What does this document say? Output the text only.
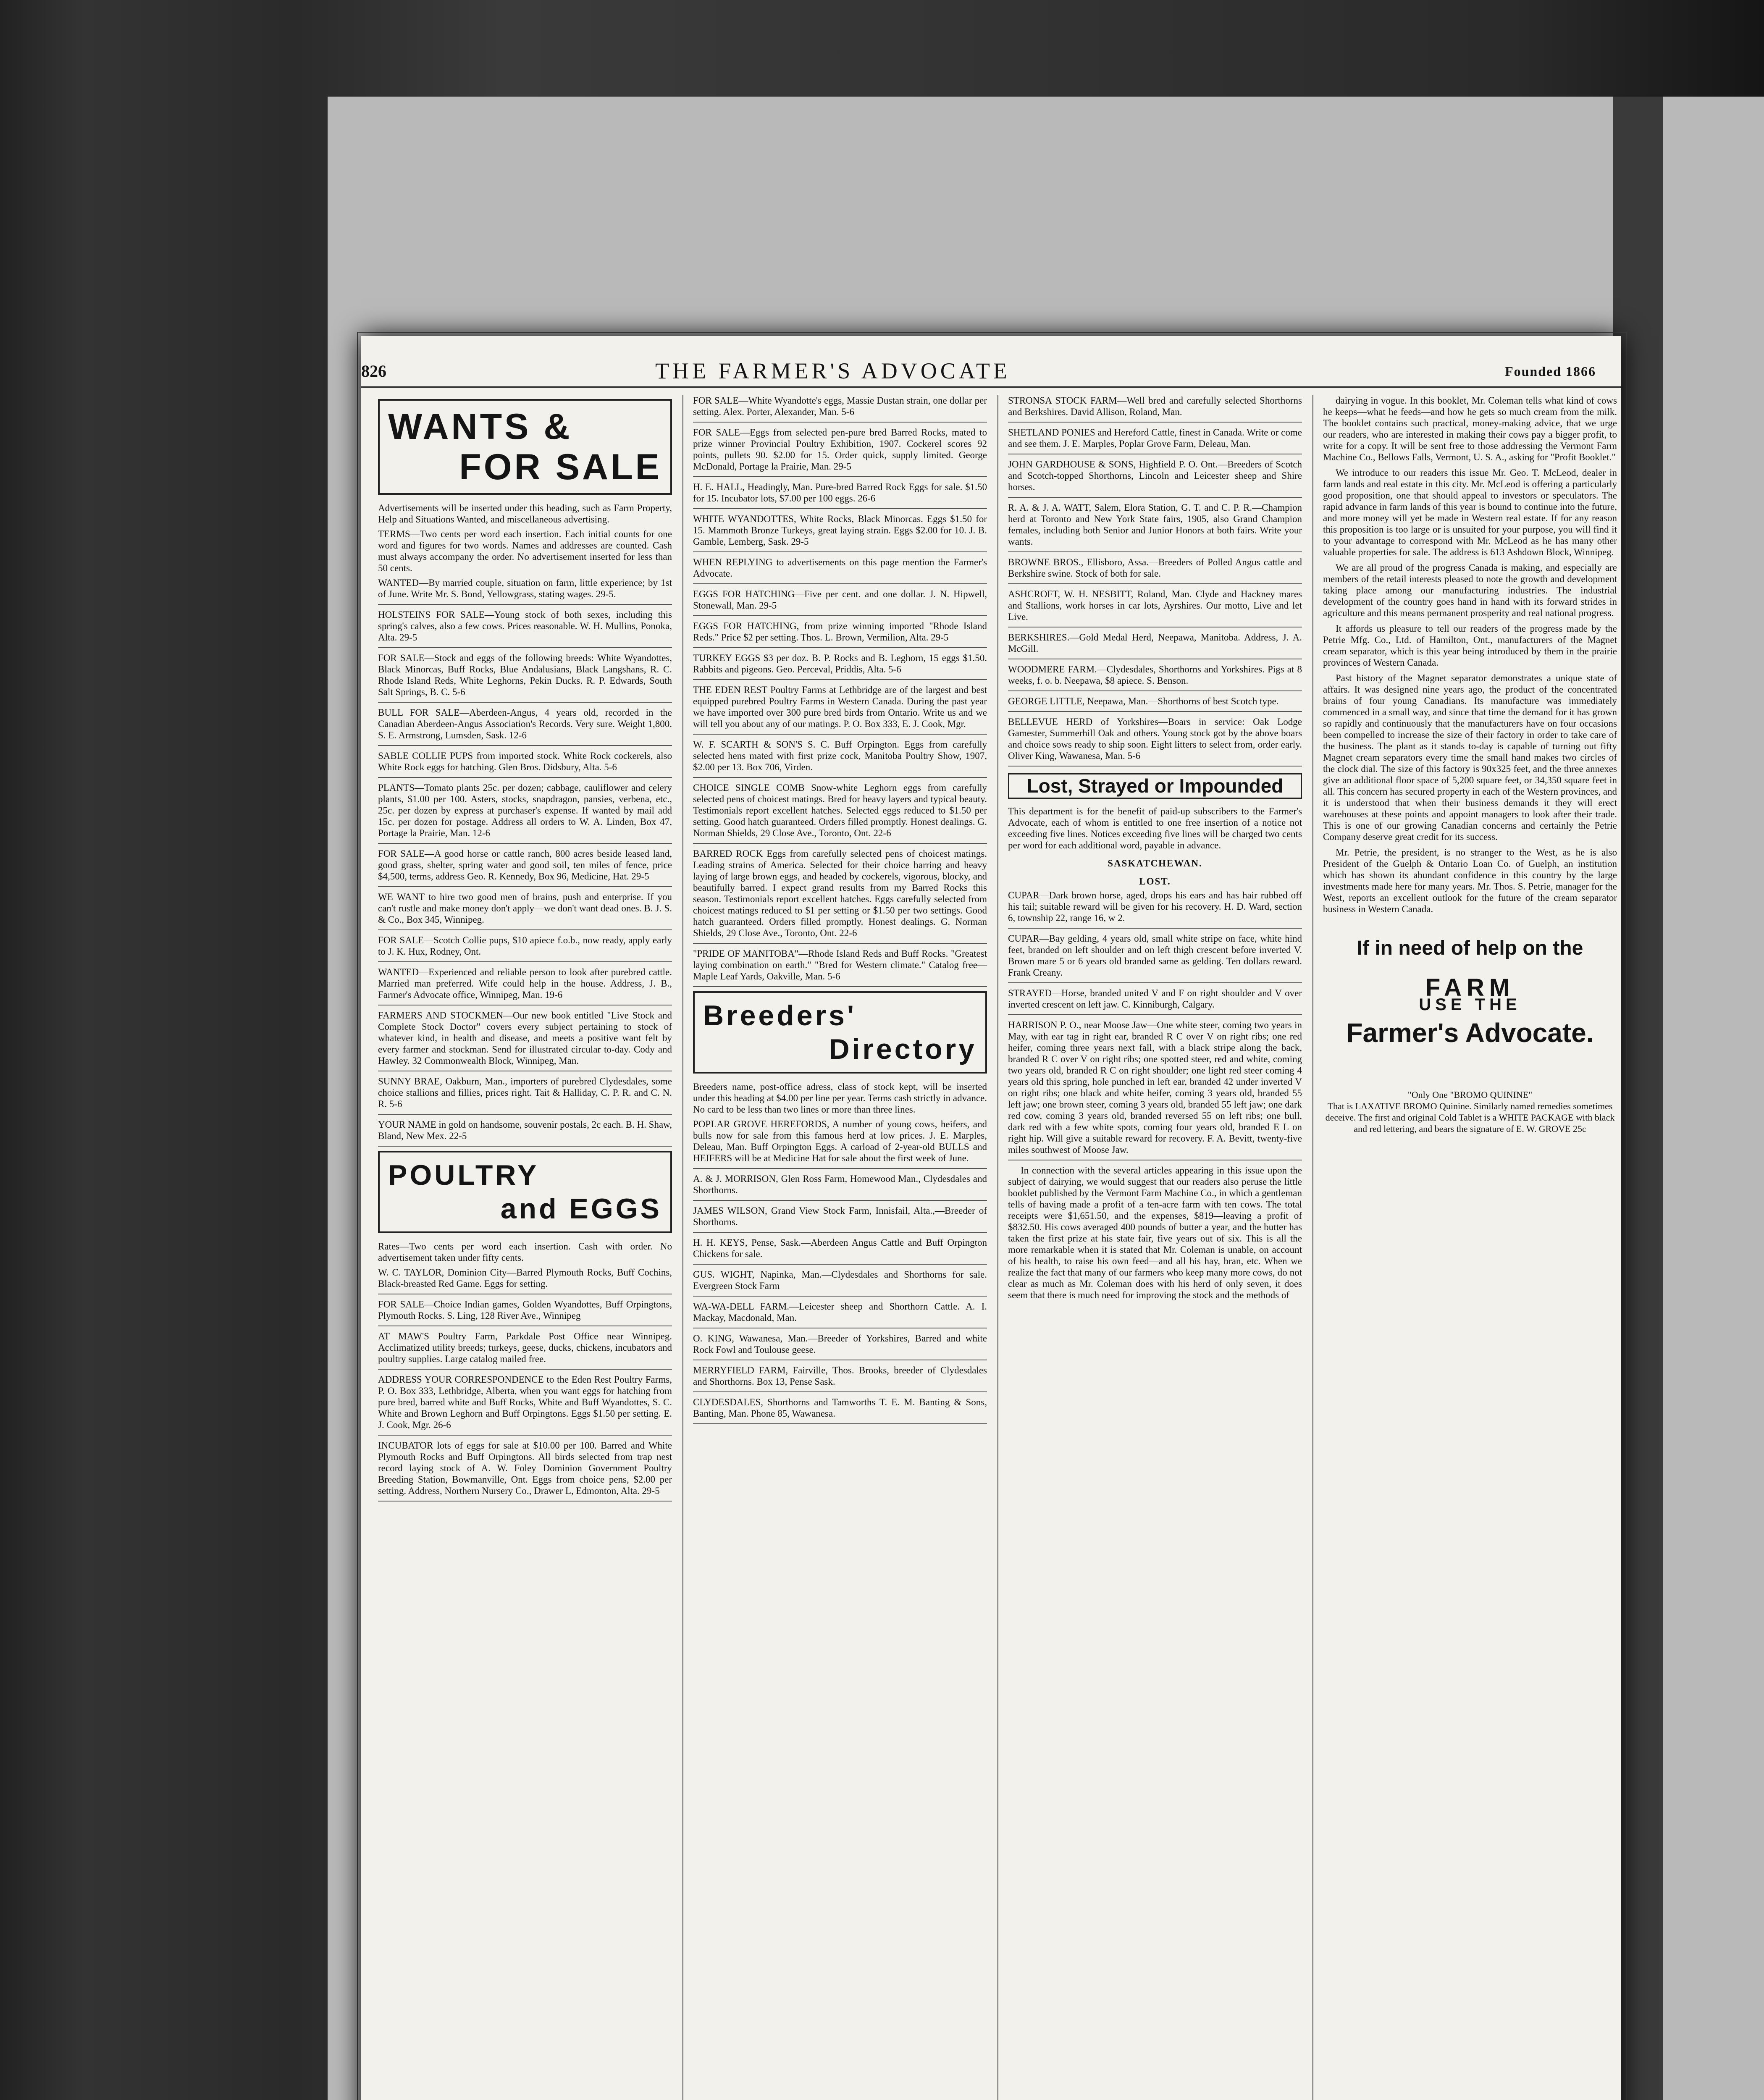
826	THE FARMER'S ADVOCATE	Founded 1866
WANTS &
FOR SALE

Advertisements will be inserted under this heading, such as Farm Property, Help and Situations Wanted, and miscellaneous advertising.

TERMS—Two cents per word each insertion. Each initial counts for one word and figures for two words. Names and addresses are counted. Cash must always accompany the order. No advertisement inserted for less than 50 cents.

WANTED—By married couple, situation on farm, little experience; by 1st of June. Write Mr. S. Bond, Yellowgrass, stating wages. 29-5.
HOLSTEINS FOR SALE—Young stock of both sexes, including this spring's calves, also a few cows. Prices reasonable. W. H. Mullins, Ponoka, Alta. 29-5
FOR SALE—Stock and eggs of the following breeds: White Wyandottes, Black Minorcas, Buff Rocks, Blue Andalusians, Black Langshans, R. C. Rhode Island Reds, White Leghorns, Pekin Ducks. R. P. Edwards, South Salt Springs, B. C. 5-6
BULL FOR SALE—Aberdeen-Angus, 4 years old, recorded in the Canadian Aberdeen-Angus Association's Records. Very sure. Weight 1,800. S. E. Armstrong, Lumsden, Sask. 12-6
SABLE COLLIE PUPS from imported stock. White Rock cockerels, also White Rock eggs for hatching. Glen Bros. Didsbury, Alta. 5-6
PLANTS—Tomato plants 25c. per dozen; cabbage, cauliflower and celery plants, $1.00 per 100. Asters, stocks, snapdragon, pansies, verbena, etc., 25c. per dozen by express at purchaser's expense. If wanted by mail add 15c. per dozen for postage. Address all orders to W. A. Linden, Box 47, Portage la Prairie, Man. 12-6
FOR SALE—A good horse or cattle ranch, 800 acres beside leased land, good grass, shelter, spring water and good soil, ten miles of fence, price $4,500, terms, address Geo. R. Kennedy, Box 96, Medicine, Hat. 29-5
WE WANT to hire two good men of brains, push and enterprise. If you can't rustle and make money don't apply—we don't want dead ones. B. J. S. & Co., Box 345, Winnipeg.
FOR SALE—Scotch Collie pups, $10 apiece f.o.b., now ready, apply early to J. K. Hux, Rodney, Ont.
WANTED—Experienced and reliable person to look after purebred cattle. Married man preferred. Wife could help in the house. Address, J. B., Farmer's Advocate office, Winnipeg, Man. 19-6
FARMERS AND STOCKMEN—Our new book entitled "Live Stock and Complete Stock Doctor" covers every subject pertaining to stock of whatever kind, in health and disease, and meets a positive want felt by every farmer and stockman. Send for illustrated circular to-day. Cody and Hawley. 32 Commonwealth Block, Winnipeg, Man.
SUNNY BRAE, Oakburn, Man., importers of purebred Clydesdales, some choice stallions and fillies, prices right. Tait & Halliday, C. P. R. and C. N. R. 5-6
YOUR NAME in gold on handsome, souvenir postals, 2c each. B. H. Shaw, Bland, New Mex. 22-5
POULTRY
and EGGS

Rates—Two cents per word each insertion. Cash with order. No advertisement taken under fifty cents.

W. C. TAYLOR, Dominion City—Barred Plymouth Rocks, Buff Cochins, Black-breasted Red Game. Eggs for setting.
FOR SALE—Choice Indian games, Golden Wyandottes, Buff Orpingtons, Plymouth Rocks. S. Ling, 128 River Ave., Winnipeg
AT MAW'S Poultry Farm, Parkdale Post Office near Winnipeg. Acclimatized utility breeds; turkeys, geese, ducks, chickens, incubators and poultry supplies. Large catalog mailed free.
ADDRESS YOUR CORRESPONDENCE to the Eden Rest Poultry Farms, P. O. Box 333, Lethbridge, Alberta, when you want eggs for hatching from pure bred, barred white and Buff Rocks, White and Buff Wyandottes, S. C. White and Brown Leghorn and Buff Orpingtons. Eggs $1.50 per setting. E. J. Cook, Mgr. 26-6
INCUBATOR lots of eggs for sale at $10.00 per 100. Barred and White Plymouth Rocks and Buff Orpingtons. All birds selected from trap nest record laying stock of A. W. Foley Dominion Government Poultry Breeding Station, Bowmanville, Ont. Eggs from choice pens, $2.00 per setting. Address, Northern Nursery Co., Drawer L, Edmonton, Alta. 29-5
FOR SALE—White Wyandotte's eggs, Massie Dustan strain, one dollar per setting. Alex. Porter, Alexander, Man. 5-6
FOR SALE—Eggs from selected pen-pure bred Barred Rocks, mated to prize winner Provincial Poultry Exhibition, 1907. Cockerel scores 92 points, pullets 90. $2.00 for 15. Order quick, supply limited. George McDonald, Portage la Prairie, Man. 29-5
H. E. HALL, Headingly, Man. Pure-bred Barred Rock Eggs for sale. $1.50 for 15. Incubator lots, $7.00 per 100 eggs. 26-6
WHITE WYANDOTTES, White Rocks, Black Minorcas. Eggs $1.50 for 15. Mammoth Bronze Turkeys, great laying strain. Eggs $2.00 for 10. J. B. Gamble, Lemberg, Sask. 29-5
WHEN REPLYING to advertisements on this page mention the Farmer's Advocate.
EGGS FOR HATCHING—Five per cent. and one dollar. J. N. Hipwell, Stonewall, Man. 29-5
EGGS FOR HATCHING, from prize winning imported "Rhode Island Reds." Price $2 per setting. Thos. L. Brown, Vermilion, Alta. 29-5
TURKEY EGGS $3 per doz. B. P. Rocks and B. Leghorn, 15 eggs $1.50. Rabbits and pigeons. Geo. Perceval, Priddis, Alta. 5-6
THE EDEN REST Poultry Farms at Lethbridge are of the largest and best equipped purebred Poultry Farms in Western Canada. During the past year we have imported over 300 pure bred birds from Ontario. Write us and we will tell you about any of our matings. P. O. Box 333, E. J. Cook, Mgr.
W. F. SCARTH & SON'S S. C. Buff Orpington. Eggs from carefully selected hens mated with first prize cock, Manitoba Poultry Show, 1907, $2.00 per 13. Box 706, Virden.
CHOICE SINGLE COMB Snow-white Leghorn eggs from carefully selected pens of choicest matings. Bred for heavy layers and typical beauty. Testimonials report excellent hatches. Selected eggs reduced to $1.50 per setting. Good hatch guaranteed. Orders filled promptly. Honest dealings. G. Norman Shields, 29 Close Ave., Toronto, Ont. 22-6
BARRED ROCK Eggs from carefully selected pens of choicest matings. Leading strains of America. Selected for their choice barring and heavy laying of large brown eggs, and headed by cockerels, vigorous, blocky, and beautifully barred. I expect grand results from my Barred Rocks this season. Testimonials report excellent hatches. Eggs carefully selected from choicest matings reduced to $1 per setting or $1.50 per two settings. Good hatch guaranteed. Orders filled promptly. Honest dealings. G. Norman Shields, 29 Close Ave., Toronto, Ont. 22-6
"PRIDE OF MANITOBA"—Rhode Island Reds and Buff Rocks. "Greatest laying combination on earth." "Bred for Western climate." Catalog free—Maple Leaf Yards, Oakville, Man. 5-6
Breeders'
Directory

Breeders name, post-office adress, class of stock kept, will be inserted under this heading at $4.00 per line per year. Terms cash strictly in advance. No card to be less than two lines or more than three lines.

POPLAR GROVE HEREFORDS, A number of young cows, heifers, and bulls now for sale from this famous herd at low prices. J. E. Marples, Deleau, Man. Buff Orpington Eggs. A carload of 2-year-old BULLS and HEIFERS will be at Medicine Hat for sale about the first week of June.
A. & J. MORRISON, Glen Ross Farm, Homewood Man., Clydesdales and Shorthorns.
JAMES WILSON, Grand View Stock Farm, Innisfail, Alta.,—Breeder of Shorthorns.
H. H. KEYS, Pense, Sask.—Aberdeen Angus Cattle and Buff Orpington Chickens for sale.
GUS. WIGHT, Napinka, Man.—Clydesdales and Shorthorns for sale. Evergreen Stock Farm
WA-WA-DELL FARM.—Leicester sheep and Shorthorn Cattle. A. I. Mackay, Macdonald, Man.
O. KING, Wawanesa, Man.—Breeder of Yorkshires, Barred and white Rock Fowl and Toulouse geese.
MERRYFIELD FARM, Fairville, Thos. Brooks, breeder of Clydesdales and Shorthorns. Box 13, Pense Sask.
CLYDESDALES, Shorthorns and Tamworths T. E. M. Banting & Sons, Banting, Man. Phone 85, Wawanesa.
STRONSA STOCK FARM—Well bred and carefully selected Shorthorns and Berkshires. David Allison, Roland, Man.
SHETLAND PONIES and Hereford Cattle, finest in Canada. Write or come and see them. J. E. Marples, Poplar Grove Farm, Deleau, Man.
JOHN GARDHOUSE & SONS, Highfield P. O. Ont.—Breeders of Scotch and Scotch-topped Shorthorns, Lincoln and Leicester sheep and Shire horses.
R. A. & J. A. WATT, Salem, Elora Station, G. T. and C. P. R.—Champion herd at Toronto and New York State fairs, 1905, also Grand Champion females, including both Senior and Junior Honors at both fairs. Write your wants.
BROWNE BROS., Ellisboro, Assa.—Breeders of Polled Angus cattle and Berkshire swine. Stock of both for sale.
ASHCROFT, W. H. NESBITT, Roland, Man. Clyde and Hackney mares and Stallions, work horses in car lots, Ayrshires. Our motto, Live and let Live.
BERKSHIRES.—Gold Medal Herd, Neepawa, Manitoba. Address, J. A. McGill.
WOODMERE FARM.—Clydesdales, Shorthorns and Yorkshires. Pigs at 8 weeks, f. o. b. Neepawa, $8 apiece. S. Benson.
GEORGE LITTLE, Neepawa, Man.—Shorthorns of best Scotch type.
BELLEVUE HERD of Yorkshires—Boars in service: Oak Lodge Gamester, Summerhill Oak and others. Young stock got by the above boars and choice sows ready to ship soon. Eight litters to select from, order early. Oliver King, Wawanesa, Man. 5-6
Lost, Strayed or Impounded

This department is for the benefit of paid-up subscribers to the Farmer's Advocate, each of whom is entitled to one free insertion of a notice not exceeding five lines. Notices exceeding five lines will be charged two cents per word for each additional word, payable in advance.

SASKATCHEWAN.
LOST.
CUPAR—Dark brown horse, aged, drops his ears and has hair rubbed off his tail; suitable reward will be given for his recovery. H. D. Ward, section 6, township 22, range 16, w 2.
CUPAR—Bay gelding, 4 years old, small white stripe on face, white hind feet, branded on left shoulder and on left thigh crescent before inverted V. Brown mare 5 or 6 years old branded same as gelding. Ten dollars reward. Frank Creany.
STRAYED—Horse, branded united V and F on right shoulder and V over inverted crescent on left jaw. C. Kinniburgh, Calgary.
HARRISON P. O., near Moose Jaw—One white steer, coming two years in May, with ear tag in right ear, branded R C over V on right ribs; one red heifer, coming three years next fall, with a black stripe along the back, branded R C over V on right ribs; one spotted steer, red and white, coming two years old, branded R C on right shoulder; one light red steer coming 4 years old this spring, hole punched in left ear, branded 42 under inverted V on right ribs; one black and white heifer, coming 3 years old, branded 55 left jaw; one brown steer, coming 3 years old, branded 55 left jaw; one dark red cow, coming 3 years old, branded reversed 55 on left ribs; one bull, dark red with a few white spots, coming four years old, branded E L on right hip. Will give a suitable reward for recovery. F. A. Bevitt, twenty-five miles southwest of Moose Jaw.

In connection with the several articles appearing in this issue upon the subject of dairying, we would suggest that our readers also peruse the little booklet published by the Vermont Farm Machine Co., in which a gentleman tells of having made a profit of a ten-acre farm with ten cows. The total receipts were $1,651.50, and the expenses, $819—leaving a profit of $832.50. His cows averaged 400 pounds of butter a year, and the butter has taken the first prize at his state fair, five years out of six. This is all the more remarkable when it is stated that Mr. Coleman is unable, on account of his health, to raise his own feed—and all his hay, bran, etc. When we realize the fact that many of our farmers who keep many more cows, do not clear as much as Mr. Coleman does with his herd of only seven, it does seem that there is much need for improving the stock and the methods of

dairying in vogue. In this booklet, Mr. Coleman tells what kind of cows he keeps—what he feeds—and how he gets so much cream from the milk. The booklet contains such practical, money-making advice, that we urge our readers, who are interested in making their cows pay a bigger profit, to write for a copy. It will be sent free to those addressing the Vermont Farm Machine Co., Bellows Falls, Vermont, U. S. A., asking for "Profit Booklet."

We introduce to our readers this issue Mr. Geo. T. McLeod, dealer in farm lands and real estate in this city. Mr. McLeod is offering a particularly good proposition, one that should appeal to investors or speculators. The rapid advance in farm lands of this year is bound to continue into the future, and more money will yet be made in Western real estate. If for any reason this proposition is too large or is unsuited for your purpose, you will find it to your advantage to correspond with Mr. McLeod as he has many other valuable properties for sale. The address is 613 Ashdown Block, Winnipeg.

We are all proud of the progress Canada is making, and especially are members of the retail interests pleased to note the growth and development taking place among our manufacturing industries. The industrial development of the country goes hand in hand with its forward strides in agriculture and this means permanent prosperity and real national progress.

It affords us pleasure to tell our readers of the progress made by the Petrie Mfg. Co., Ltd. of Hamilton, Ont., manufacturers of the Magnet cream separator, which is this year being introduced by them in the prairie provinces of Western Canada.

Past history of the Magnet separator demonstrates a unique state of affairs. It was designed nine years ago, the product of the concentrated brains of four young Canadians. Its manufacture was immediately commenced in a small way, and since that time the demand for it has grown so rapidly and continuously that the manufacturers have on four occasions been compelled to increase the size of their factory in order to take care of the business. The plant as it stands to-day is capable of turning out fifty Magnet cream separators every time the small hand makes two circles of the clock dial. The size of this factory is 90x325 feet, and the three annexes give an additional floor space of 5,200 square feet, or 34,350 square feet in all. This concern has secured property in each of the Western provinces, and it is understood that when their business demands it they will erect warehouses at these points and appoint managers to look after their trade. This is one of our growing Canadian concerns and certainly the Petrie Company deserve great credit for its success.

Mr. Petrie, the president, is no stranger to the West, as he is also President of the Guelph & Ontario Loan Co. of Guelph, an institution which has shown its abundant confidence in this country by the large investments made here for many years. Mr. Thos. S. Petrie, manager for the West, reports an excellent outlook for the future of the cream separator business in Western Canada.

If in need of help on the
FARM
USE THE
Farmer's Advocate.
"Only One "BROMO QUININE"
That is LAXATIVE BROMO Quinine. Similarly named remedies sometimes deceive. The first and original Cold Tablet is a WHITE PACKAGE with black and red lettering, and bears the signature of E. W. GROVE 25c
